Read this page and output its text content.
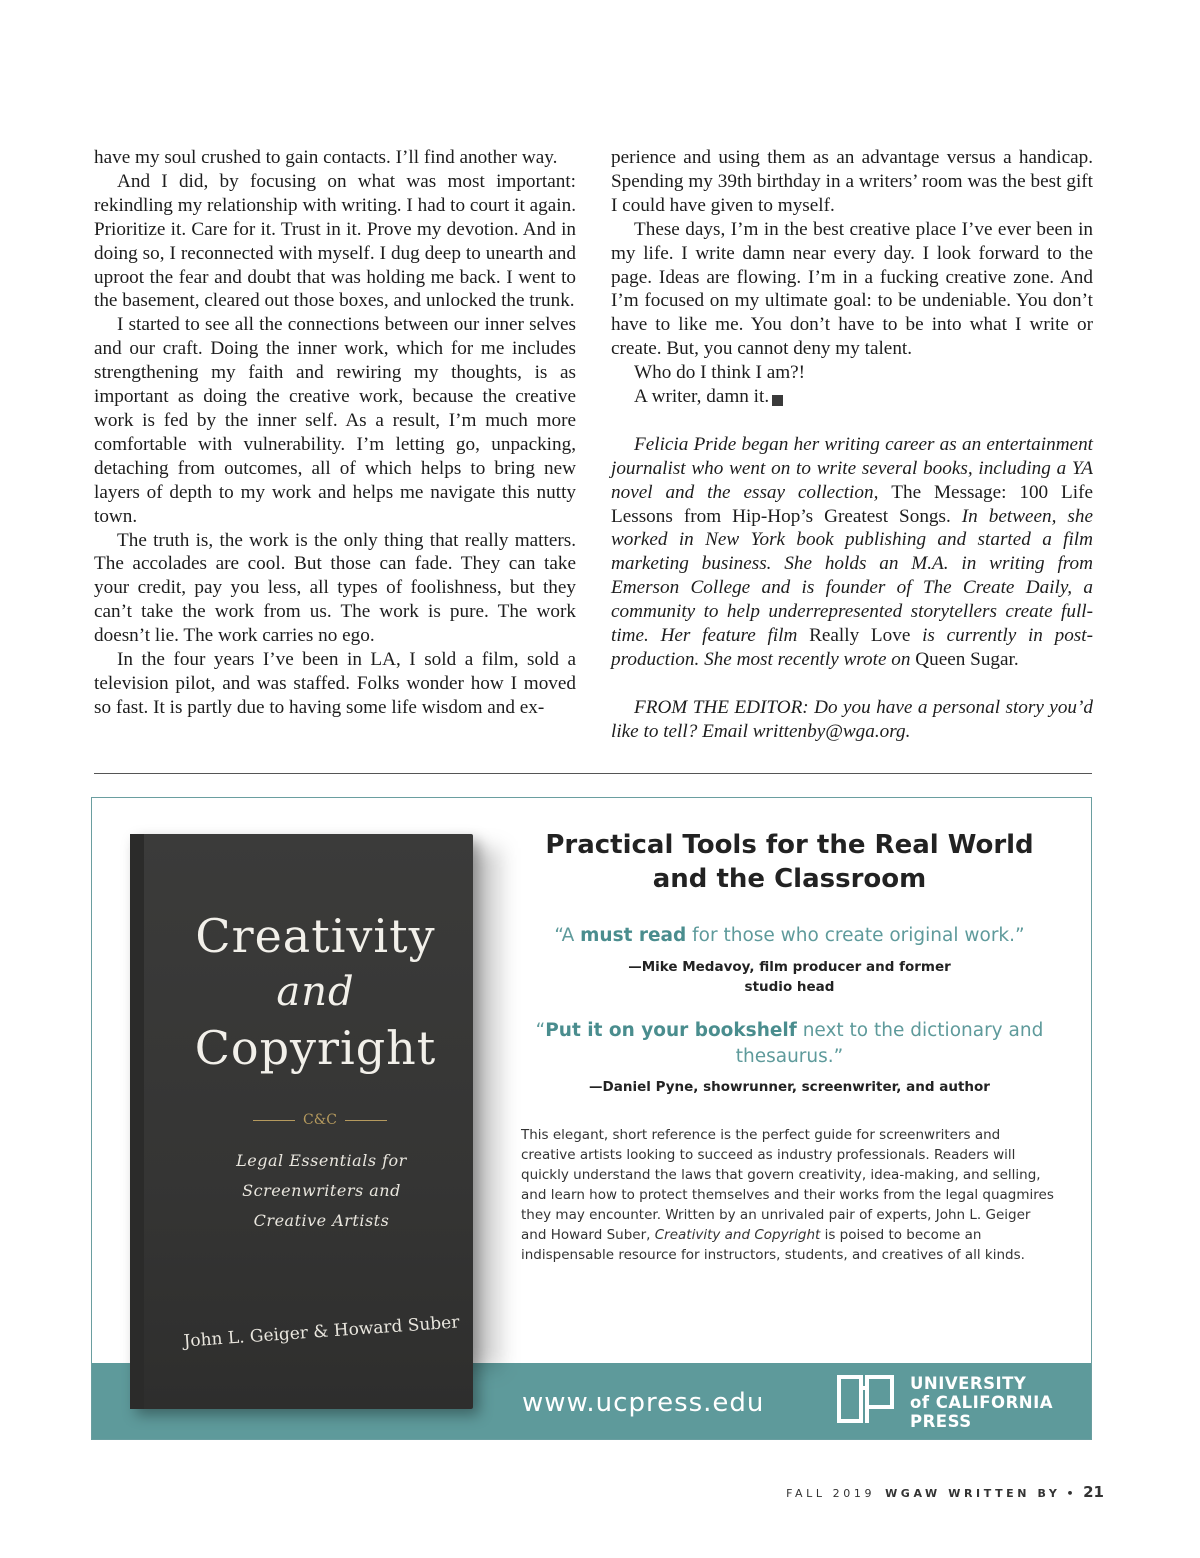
have my soul crushed to gain contacts. I’ll find another way.

And I did, by focusing on what was most important: rekindling my relationship with writing. I had to court it again. Prioritize it. Care for it. Trust in it. Prove my devotion. And in doing so, I reconnected with myself. I dug deep to unearth and uproot the fear and doubt that was holding me back. I went to the basement, cleared out those boxes, and unlocked the trunk.

I started to see all the connections between our inner selves and our craft. Doing the inner work, which for me includes strengthening my faith and rewiring my thoughts, is as important as doing the creative work, because the creative work is fed by the inner self. As a result, I’m much more comfortable with vulnerability. I’m letting go, unpacking, detaching from outcomes, all of which helps to bring new layers of depth to my work and helps me navigate this nutty town.

The truth is, the work is the only thing that really matters. The accolades are cool. But those can fade. They can take your credit, pay you less, all types of foolishness, but they can’t take the work from us. The work is pure. The work doesn’t lie. The work carries no ego.

In the four years I’ve been in LA, I sold a film, sold a television pilot, and was staffed. Folks wonder how I moved so fast. It is partly due to having some life wisdom and ex-

perience and using them as an advantage versus a handicap. Spending my 39th birthday in a writers’ room was the best gift I could have given to myself.

These days, I’m in the best creative place I’ve ever been in my life. I write damn near every day. I look forward to the page. Ideas are flowing. I’m in a fucking creative zone. And I’m focused on my ultimate goal: to be undeniable. You don’t have to like me. You don’t have to be into what I write or create. But, you cannot deny my talent.

Who do I think I am?!

A writer, damn it.	WB

Felicia Pride began her writing career as an entertainment journalist who went on to write several books, including a YA novel and the essay collection, The Message: 100 Life Lessons from Hip-Hop’s Greatest Songs. In between, she worked in New York book publishing and started a film marketing business. She holds an M.A. in writing from Emerson College and is founder of The Create Daily, a community to help underrepresented storytellers create full-time. Her feature film Really Love is currently in post-production. She most recently wrote on Queen Sugar.

FROM THE EDITOR: Do you have a personal story you’d like to tell? Email writtenby@wga.org.

Creativity
and
Copyright
C&C
Legal Essentials for
Screenwriters and
Creative Artists
John L. Geiger & Howard Suber
Practical Tools for the Real World
and the Classroom
“A must read for those who create original work.”
—Mike Medavoy, film producer and former
studio head
“Put it on your bookshelf next to the dictionary and thesaurus.”
—Daniel Pyne, showrunner, screenwriter, and author
This elegant, short reference is the perfect guide for screenwriters and creative artists looking to succeed as industry professionals. Readers will quickly understand the laws that govern creativity, idea-making, and selling, and learn how to protect themselves and their works from the legal quagmires they may encounter. Written by an unrivaled pair of experts, John L. Geiger and Howard Suber, Creativity and Copyright is poised to become an indispensable resource for instructors, students, and creatives of all kinds.
www.ucpress.edu
UNIVERSITY
of CALIFORNIA
PRESS
FALL 2019 WGAW WRITTEN BY • 21
